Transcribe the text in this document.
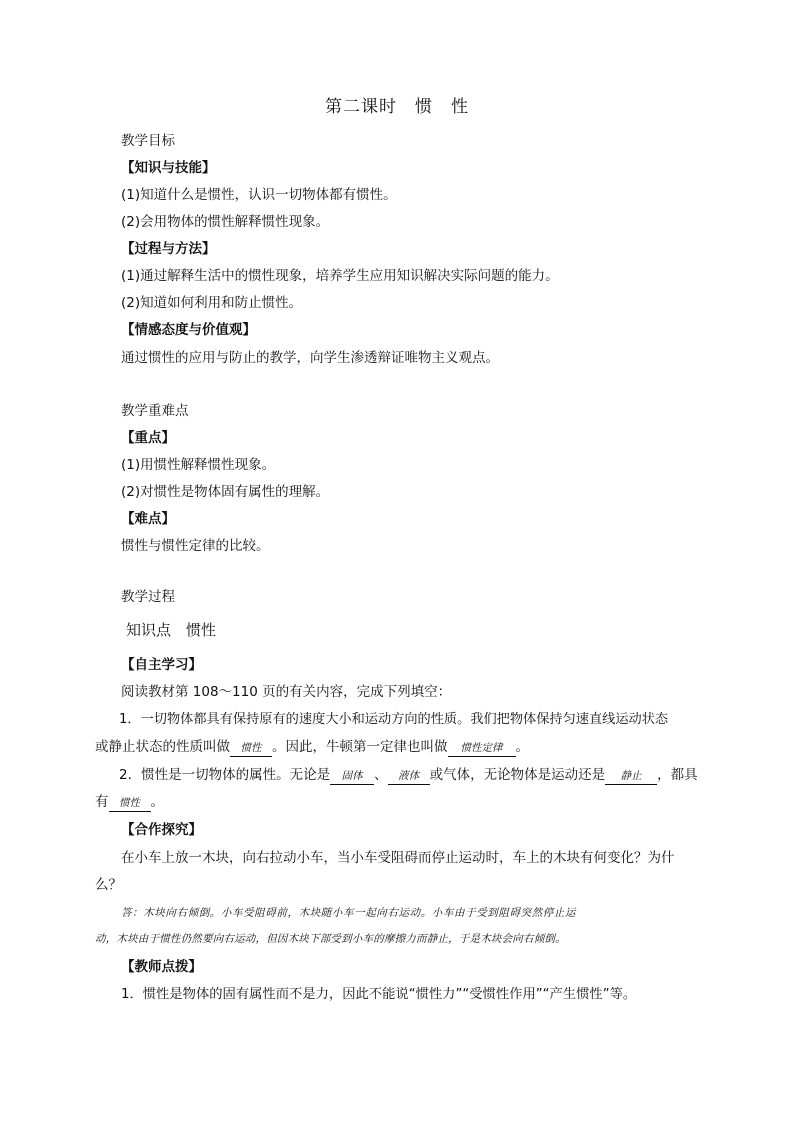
第二课时　惯　性
教学目标
【知识与技能】
(1)知道什么是惯性，认识一切物体都有惯性。
(2)会用物体的惯性解释惯性现象。
【过程与方法】
(1)通过解释生活中的惯性现象，培养学生应用知识解决实际问题的能力。
(2)知道如何利用和防止惯性。
【情感态度与价值观】
通过惯性的应用与防止的教学，向学生渗透辩证唯物主义观点。
教学重难点
【重点】
(1)用惯性解释惯性现象。
(2)对惯性是物体固有属性的理解。
【难点】
惯性与惯性定律的比较。
教学过程
知识点　惯性
【自主学习】
阅读教材第 108～110 页的有关内容，完成下列填空：
1．一切物体都具有保持原有的速度大小和运动方向的性质。我们把物体保持匀速直线运动状态
或静止状态的性质叫做 惯性 。因此，牛顿第一定律也叫做 惯性定律 。
2．惯性是一切物体的属性。无论是 固体 、 液体 或气体，无论物体是运动还是 静止 ，都具
有 惯性 。
【合作探究】
在小车上放一木块，向右拉动小车，当小车受阻碍而停止运动时，车上的木块有何变化？为什
么？
答：木块向右倾倒。小车受阻碍前，木块随小车一起向右运动。小车由于受到阻碍突然停止运
动，木块由于惯性仍然要向右运动，但因木块下部受到小车的摩擦力而静止，于是木块会向右倾倒。
【教师点拨】
1．惯性是物体的固有属性而不是力，因此不能说“惯性力”“受惯性作用”“产生惯性”等。
